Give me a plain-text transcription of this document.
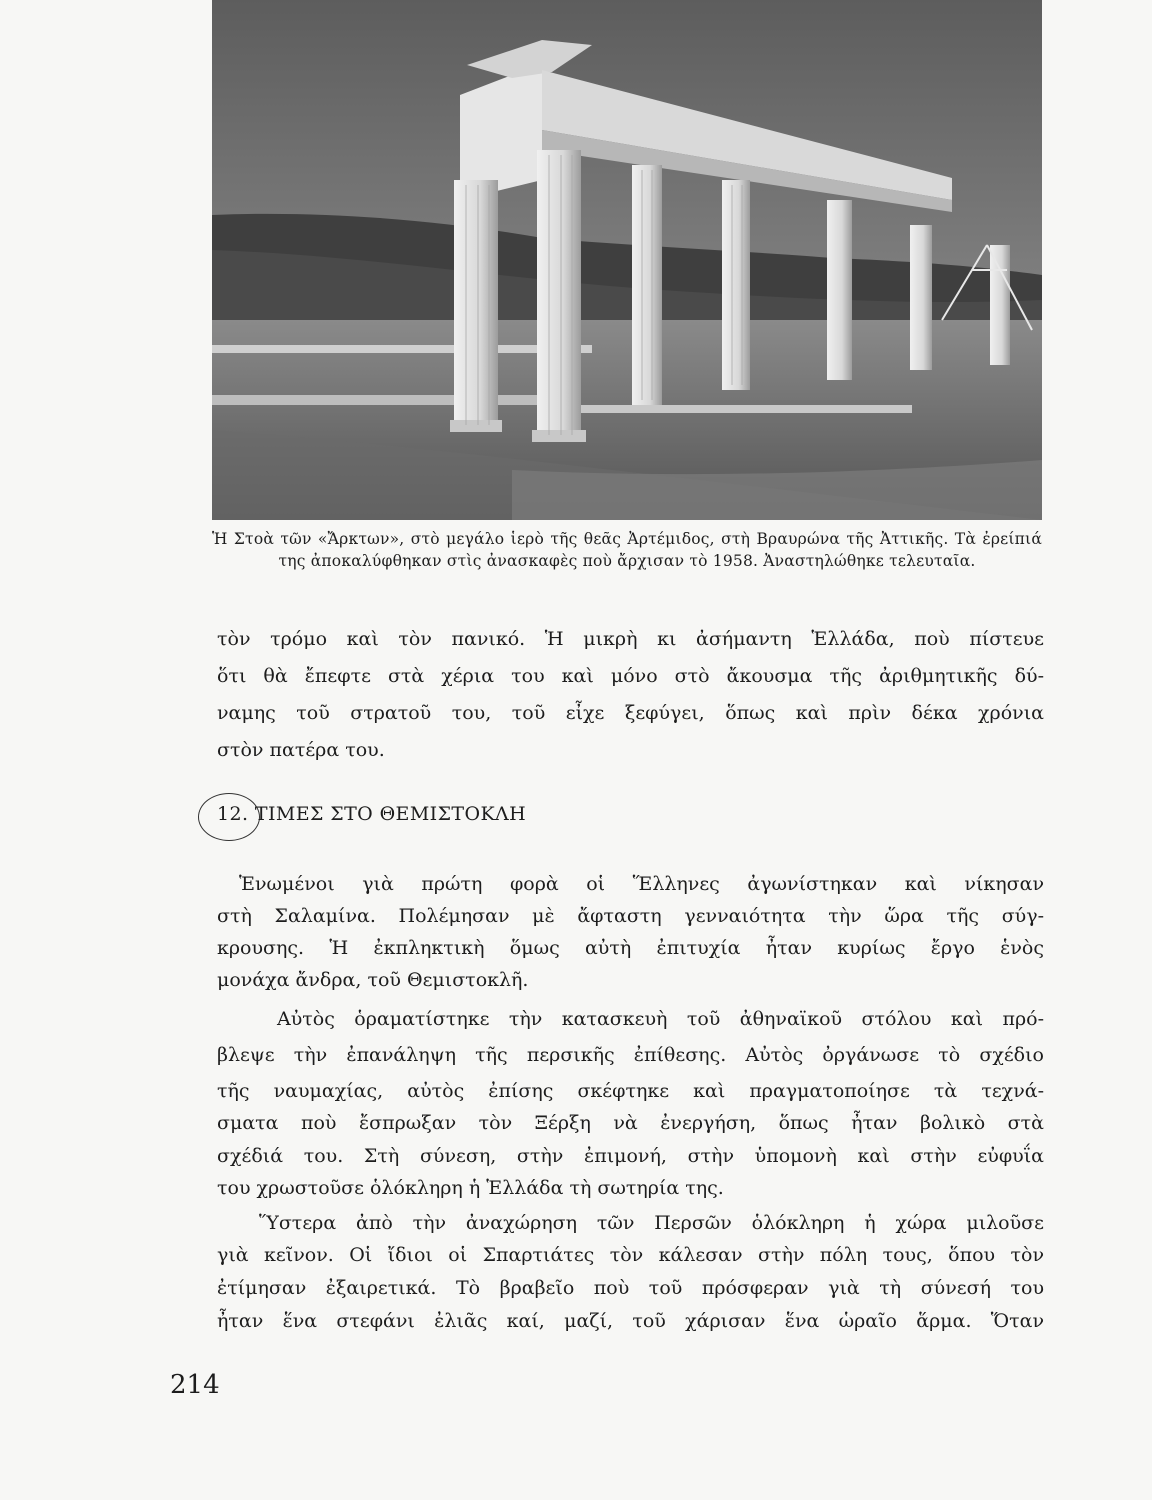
Ἡ Στοὰ τῶν «Ἄρκτων», στὸ μεγάλο ἱερὸ τῆς θεᾶς Ἀρτέμιδος, στὴ Βραυρώνα τῆς Ἀττικῆς. Τὰ ἐρείπιά της ἀποκαλύφθηκαν στὶς ἀνασκαφὲς ποὺ ἄρχισαν τὸ 1958. Ἀναστηλώθηκε τελευταῖα.
τὸν τρόμο καὶ τὸν πανικό. Ἡ μικρὴ κι ἀσήμαντη Ἑλλάδα, ποὺ πίστευε
ὅτι θὰ ἔπεφτε στὰ χέρια του καὶ μόνο στὸ ἄκουσμα τῆς ἀριθμητικῆς δύ-
ναμης τοῦ στρατοῦ του, τοῦ εἶχε ξεφύγει, ὅπως καὶ πρὶν δέκα χρόνια
στὸν πατέρα του.
12. ΤΙΜΕΣ ΣΤΟ ΘΕΜΙΣΤΟΚΛΗ
Ἑνωμένοι γιὰ πρώτη φορὰ οἱ Ἕλληνες ἀγωνίστηκαν καὶ νίκησαν
στὴ Σαλαμίνα. Πολέμησαν μὲ ἄφταστη γενναιότητα τὴν ὥρα τῆς σύγ-
κρουσης. Ἡ ἐκπληκτικὴ ὅμως αὐτὴ ἐπιτυχία ἦταν κυρίως ἔργο ἑνὸς
μονάχα ἄνδρα, τοῦ Θεμιστοκλῆ.
Αὐτὸς ὁραματίστηκε τὴν κατασκευὴ τοῦ ἀθηναϊκοῦ στόλου καὶ πρό-
βλεψε τὴν ἐπανάληψη τῆς περσικῆς ἐπίθεσης. Αὐτὸς ὀργάνωσε τὸ σχέδιο
τῆς ναυμαχίας, αὐτὸς ἐπίσης σκέφτηκε καὶ πραγματοποίησε τὰ τεχνά-
σματα ποὺ ἔσπρωξαν τὸν Ξέρξη νὰ ἐνεργήση, ὅπως ἦταν βολικὸ στὰ
σχέδιά του. Στὴ σύνεση, στὴν ἐπιμονή, στὴν ὑπομονὴ καὶ στὴν εὐφυΐα
του χρωστοῦσε ὁλόκληρη ἡ Ἑλλάδα τὴ σωτηρία της.
Ὕστερα ἀπὸ τὴν ἀναχώρηση τῶν Περσῶν ὁλόκληρη ἡ χώρα μιλοῦσε
γιὰ κεῖνον. Οἱ ἴδιοι οἱ Σπαρτιάτες τὸν κάλεσαν στὴν πόλη τους, ὅπου τὸν
ἐτίμησαν ἐξαιρετικά. Τὸ βραβεῖο ποὺ τοῦ πρόσφεραν γιὰ τὴ σύνεσή του
ἦταν ἕνα στεφάνι ἐλιᾶς καί, μαζί, τοῦ χάρισαν ἕνα ὡραῖο ἅρμα. Ὅταν
214
